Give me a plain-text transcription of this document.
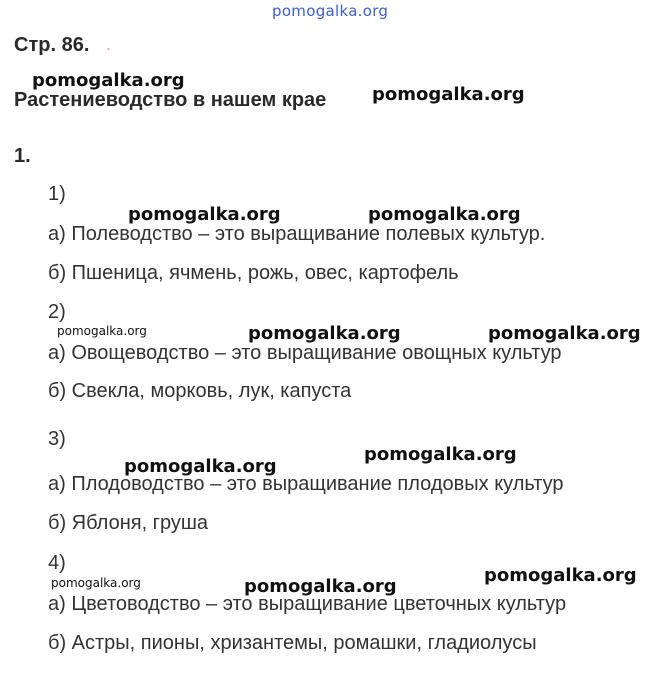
pomogalka.org
Стр. 86. .
pomogalka.org
Растениеводство в нашем крае	pomogalka.org
1.
1)
pomogalka.org	pomogalka.org
а) Полеводство – это выращивание полевых культур.
б) Пшеница, ячмень, рожь, овес, картофель
2)
pomogalka.org	pomogalka.org	pomogalka.org
а) Овощеводство – это выращивание овощных культур
б) Свекла, морковь, лук, капуста
3)
pomogalka.org
pomogalka.org
а) Плодоводство – это выращивание плодовых культур
б) Яблоня, груша
4)
pomogalka.org
pomogalka.org	pomogalka.org
а) Цветоводство – это выращивание цветочных культур
б) Астры, пионы, хризантемы, ромашки, гладиолусы
